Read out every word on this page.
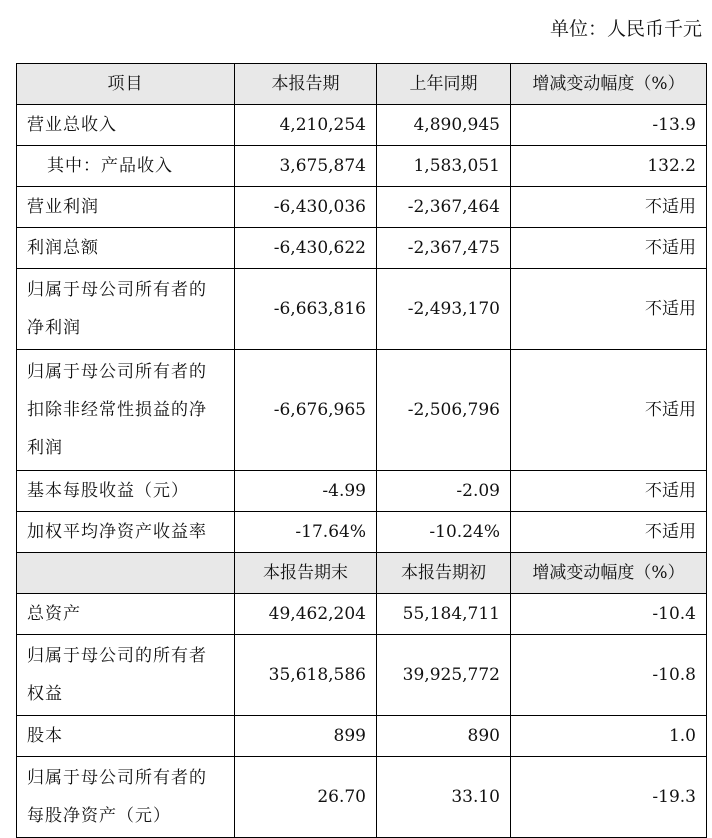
单位：人民币千元
项目	本报告期	上年同期	增减变动幅度（%）

营业总收入	4,210,254	4,890,945	-13.9

其中：产品收入	3,675,874	1,583,051	132.2

营业利润	-6,430,036	-2,367,464	不适用

利润总额	-6,430,622	-2,367,475	不适用

归属于母公司所有者的
净利润	-6,663,816	-2,493,170	不适用

归属于母公司所有者的
扣除非经常性损益的净
利润	-6,676,965	-2,506,796	不适用

基本每股收益（元）	-4.99	-2.09	不适用

加权平均净资产收益率	-17.64%	-10.24%	不适用
	本报告期末	本报告期初	增减变动幅度（%）

总资产	49,462,204	55,184,711	-10.4

归属于母公司的所有者
权益	35,618,586	39,925,772	-10.8

股本	899	890	1.0

归属于母公司所有者的
每股净资产（元）	26.70	33.10	-19.3
